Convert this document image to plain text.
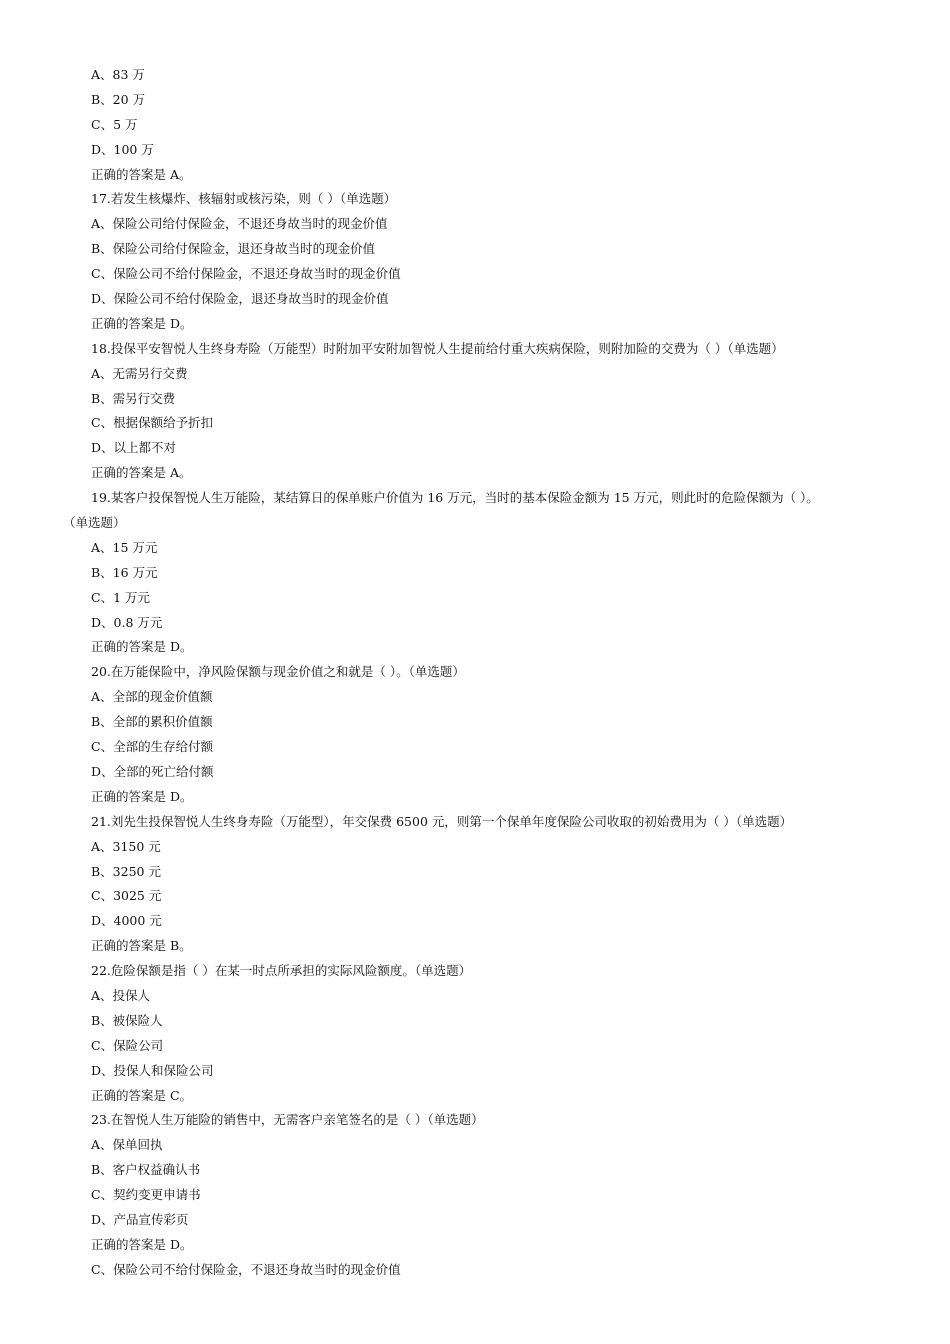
A、83 万
B、20 万
C、5 万
D、100 万
正确的答案是 A。
17.若发生核爆炸、核辐射或核污染，则（ ）（单选题）
A、保险公司给付保险金，不退还身故当时的现金价值
B、保险公司给付保险金，退还身故当时的现金价值
C、保险公司不给付保险金，不退还身故当时的现金价值
D、保险公司不给付保险金，退还身故当时的现金价值
正确的答案是 D。
18.投保平安智悦人生终身寿险（万能型）时附加平安附加智悦人生提前给付重大疾病保险，则附加险的交费为（ ）（单选题）
A、无需另行交费
B、需另行交费
C、根据保额给予折扣
D、以上都不对
正确的答案是 A。
19.某客户投保智悦人生万能险，某结算日的保单账户价值为 16 万元，当时的基本保险金额为 15 万元，则此时的危险保额为（ ）。
（单选题）
A、15 万元
B、16 万元
C、1 万元
D、0.8 万元
正确的答案是 D。
20.在万能保险中，净风险保额与现金价值之和就是（ ）。（单选题）
A、全部的现金价值额
B、全部的累积价值额
C、全部的生存给付额
D、全部的死亡给付额
正确的答案是 D。
21.刘先生投保智悦人生终身寿险（万能型），年交保费 6500 元，则第一个保单年度保险公司收取的初始费用为（ ）（单选题）
A、3150 元
B、3250 元
C、3025 元
D、4000 元
正确的答案是 B。
22.危险保额是指（ ）在某一时点所承担的实际风险额度。（单选题）
A、投保人
B、被保险人
C、保险公司
D、投保人和保险公司
正确的答案是 C。
23.在智悦人生万能险的销售中，无需客户亲笔签名的是（ ）（单选题）
A、保单回执
B、客户权益确认书
C、契约变更申请书
D、产品宣传彩页
正确的答案是 D。
C、保险公司不给付保险金，不退还身故当时的现金价值
